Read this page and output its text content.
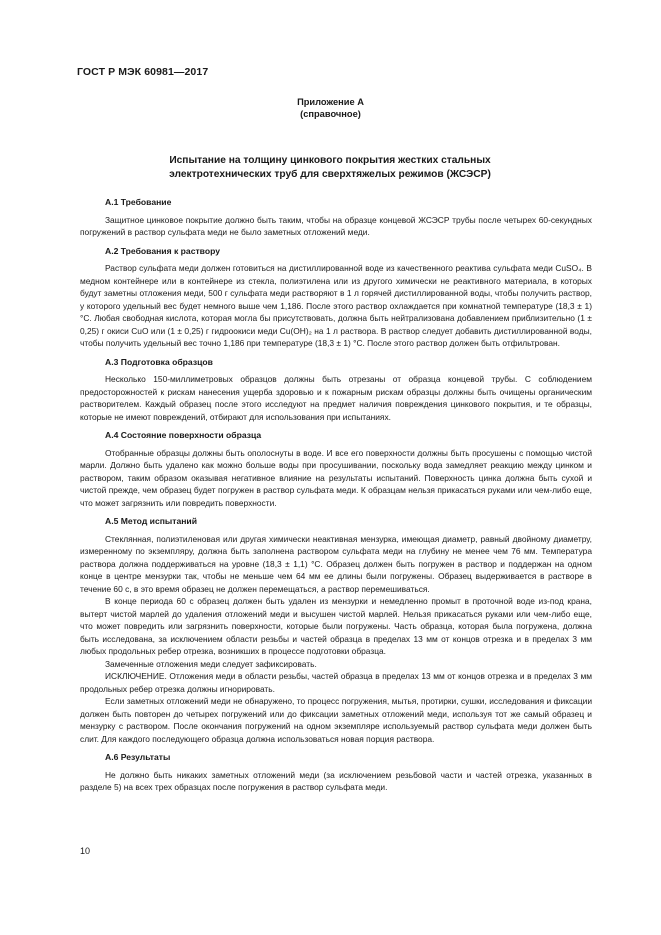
ГОСТ Р МЭК 60981—2017
Приложение А
(справочное)
Испытание на толщину цинкового покрытия жестких стальных электротехнических труб для сверхтяжелых режимов (ЖСЭСР)
А.1 Требование

Защитное цинковое покрытие должно быть таким, чтобы на образце концевой ЖСЭСР трубы после четырех 60-секундных погружений в раствор сульфата меди не было заметных отложений меди.

А.2 Требования к раствору

Раствор сульфата меди должен готовиться на дистиллированной воде из качественного реактива сульфата меди CuSO₄. В медном контейнере или в контейнере из стекла, полиэтилена или из другого химически не реактивного материала, в которых будут заметны отложения меди, 500 г сульфата меди растворяют в 1 л горячей дистиллированной воды, чтобы получить раствор, у которого удельный вес будет немного выше чем 1,186. После этого раствор охлаждается при комнатной температуре (18,3 ± 1) °C. Любая свободная кислота, которая могла бы присутствовать, должна быть нейтрализована добавлением приблизительно (1 ± 0,25) г окиси CuO или (1 ± 0,25) г гидроокиси меди Cu(OH)₂ на 1 л раствора. В раствор следует добавить дистиллированной воды, чтобы получить удельный вес точно 1,186 при температуре (18,3 ± 1) °C. После этого раствор должен быть отфильтрован.

А.3 Подготовка образцов

Несколько 150-миллиметровых образцов должны быть отрезаны от образца концевой трубы. С соблюдением предосторожностей к рискам нанесения ущерба здоровью и к пожарным рискам образцы должны быть очищены органическим растворителем. Каждый образец после этого исследуют на предмет наличия повреждения цинкового покрытия, и те образцы, которые не имеют повреждений, отбирают для использования при испытаниях.

А.4 Состояние поверхности образца

Отобранные образцы должны быть ополоснуты в воде. И все его поверхности должны быть просушены с помощью чистой марли. Должно быть удалено как можно больше воды при просушивании, поскольку вода замедляет реакцию между цинком и раствором, таким образом оказывая негативное влияние на результаты испытаний. Поверхность цинка должна быть сухой и чистой прежде, чем образец будет погружен в раствор сульфата меди. К образцам нельзя прикасаться руками или чем-либо еще, что может загрязнить или повредить поверхности.

А.5 Метод испытаний

Стеклянная, полиэтиленовая или другая химически неактивная мензурка, имеющая диаметр, равный двойному диаметру, измеренному по экземпляру, должна быть заполнена раствором сульфата меди на глубину не менее чем 76 мм. Температура раствора должна поддерживаться на уровне (18,3 ± 1,1) °C. Образец должен быть погружен в раствор и поддержан на одном конце в центре мензурки так, чтобы не меньше чем 64 мм ее длины были погружены. Образец выдерживается в растворе в течение 60 с, в это время образец не должен перемещаться, а раствор перемешиваться.

В конце периода 60 с образец должен быть удален из мензурки и немедленно промыт в проточной воде из-под крана, вытерт чистой марлей до удаления отложений меди и высушен чистой марлей. Нельзя прикасаться руками или чем-либо еще, что может повредить или загрязнить поверхности, которые были погружены. Часть образца, которая была погружена, должна быть исследована, за исключением области резьбы и частей образца в пределах 13 мм от концов отрезка и в пределах 3 мм любых продольных ребер отрезка, возникших в процессе подготовки образца.

Замеченные отложения меди следует зафиксировать.

ИСКЛЮЧЕНИЕ. Отложения меди в области резьбы, частей образца в пределах 13 мм от концов отрезка и в пределах 3 мм продольных ребер отрезка должны игнорировать.

Если заметных отложений меди не обнаружено, то процесс погружения, мытья, протирки, сушки, исследования и фиксации должен быть повторен до четырех погружений или до фиксации заметных отложений меди, используя тот же самый образец и мензурку с раствором. После окончания погружений на одном экземпляре используемый раствор сульфата меди должен быть слит. Для каждого последующего образца должна использоваться новая порция раствора.

А.6 Результаты

Не должно быть никаких заметных отложений меди (за исключением резьбовой части и частей отрезка, указанных в разделе 5) на всех трех образцах после погружения в раствор сульфата меди.

10
